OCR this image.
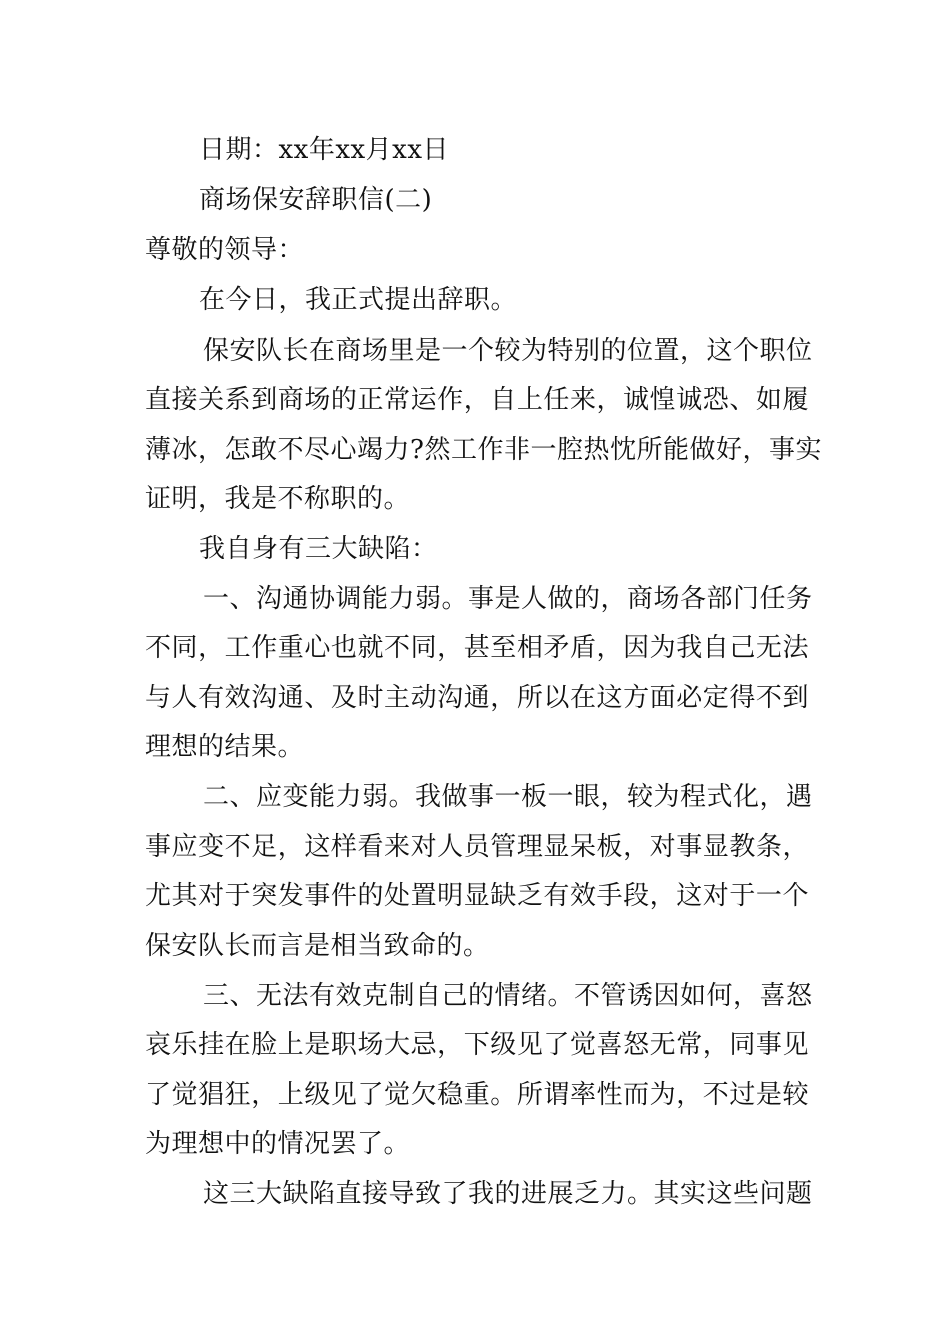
日期：xx年xx月xx日
商场保安辞职信(二)
尊敬的领导：
在今日，我正式提出辞职。
保安队长在商场里是一个较为特别的位置，这个职位
直接关系到商场的正常运作，自上任来，诚惶诚恐、如履
薄冰，怎敢不尽心竭力?然工作非一腔热忱所能做好，事实
证明，我是不称职的。
我自身有三大缺陷：
一、沟通协调能力弱。事是人做的，商场各部门任务
不同，工作重心也就不同，甚至相矛盾，因为我自己无法
与人有效沟通、及时主动沟通，所以在这方面必定得不到
理想的结果。
二、应变能力弱。我做事一板一眼，较为程式化，遇
事应变不足，这样看来对人员管理显呆板，对事显教条，
尤其对于突发事件的处置明显缺乏有效手段，这对于一个
保安队长而言是相当致命的。
三、无法有效克制自己的情绪。不管诱因如何，喜怒
哀乐挂在脸上是职场大忌，下级见了觉喜怒无常，同事见
了觉猖狂，上级见了觉欠稳重。所谓率性而为，不过是较
为理想中的情况罢了。
这三大缺陷直接导致了我的进展乏力。其实这些问题
